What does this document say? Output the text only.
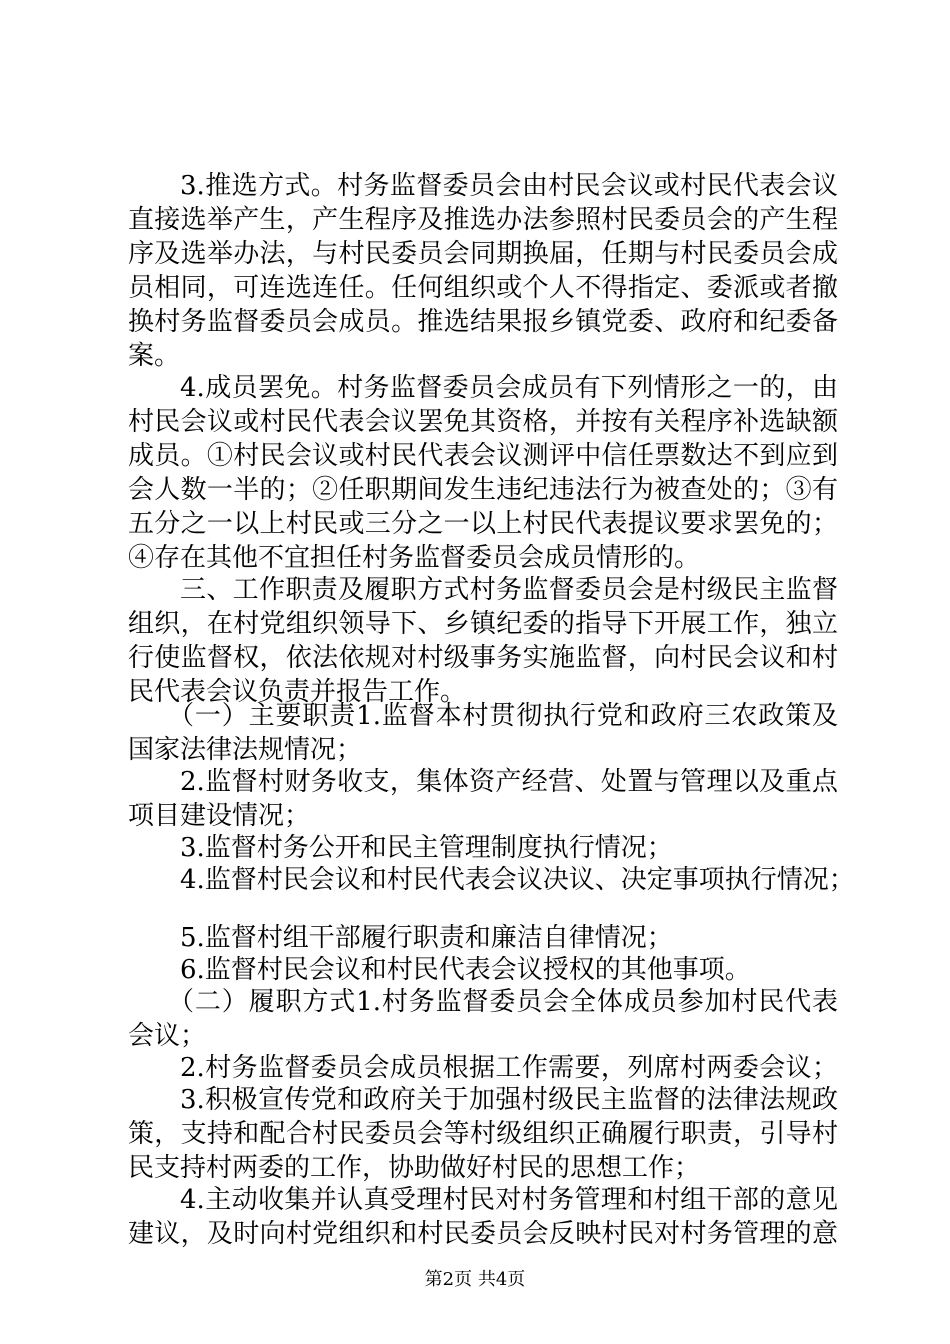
3.推选方式。村务监督委员会由村民会议或村民代表会议
直接选举产生，产生程序及推选办法参照村民委员会的产生程
序及选举办法，与村民委员会同期换届，任期与村民委员会成
员相同，可连选连任。任何组织或个人不得指定、委派或者撤
换村务监督委员会成员。推选结果报乡镇党委、政府和纪委备
案。
4.成员罢免。村务监督委员会成员有下列情形之一的，由
村民会议或村民代表会议罢免其资格，并按有关程序补选缺额
成员。①村民会议或村民代表会议测评中信任票数达不到应到
会人数一半的；②任职期间发生违纪违法行为被查处的；③有
五分之一以上村民或三分之一以上村民代表提议要求罢免的；
④存在其他不宜担任村务监督委员会成员情形的。
三、工作职责及履职方式村务监督委员会是村级民主监督
组织，在村党组织领导下、乡镇纪委的指导下开展工作，独立
行使监督权，依法依规对村级事务实施监督，向村民会议和村
民代表会议负责并报告工作。
（一）主要职责1.监督本村贯彻执行党和政府三农政策及
国家法律法规情况；
2.监督村财务收支，集体资产经营、处置与管理以及重点
项目建设情况；
3.监督村务公开和民主管理制度执行情况；
4.监督村民会议和村民代表会议决议、决定事项执行情况；
5.监督村组干部履行职责和廉洁自律情况；
6.监督村民会议和村民代表会议授权的其他事项。
（二）履职方式1.村务监督委员会全体成员参加村民代表
会议；
2.村务监督委员会成员根据工作需要，列席村两委会议；
3.积极宣传党和政府关于加强村级民主监督的法律法规政
策，支持和配合村民委员会等村级组织正确履行职责，引导村
民支持村两委的工作，协助做好村民的思想工作；
4.主动收集并认真受理村民对村务管理和村组干部的意见
建议，及时向村党组织和村民委员会反映村民对村务管理的意
第2页 共4页
